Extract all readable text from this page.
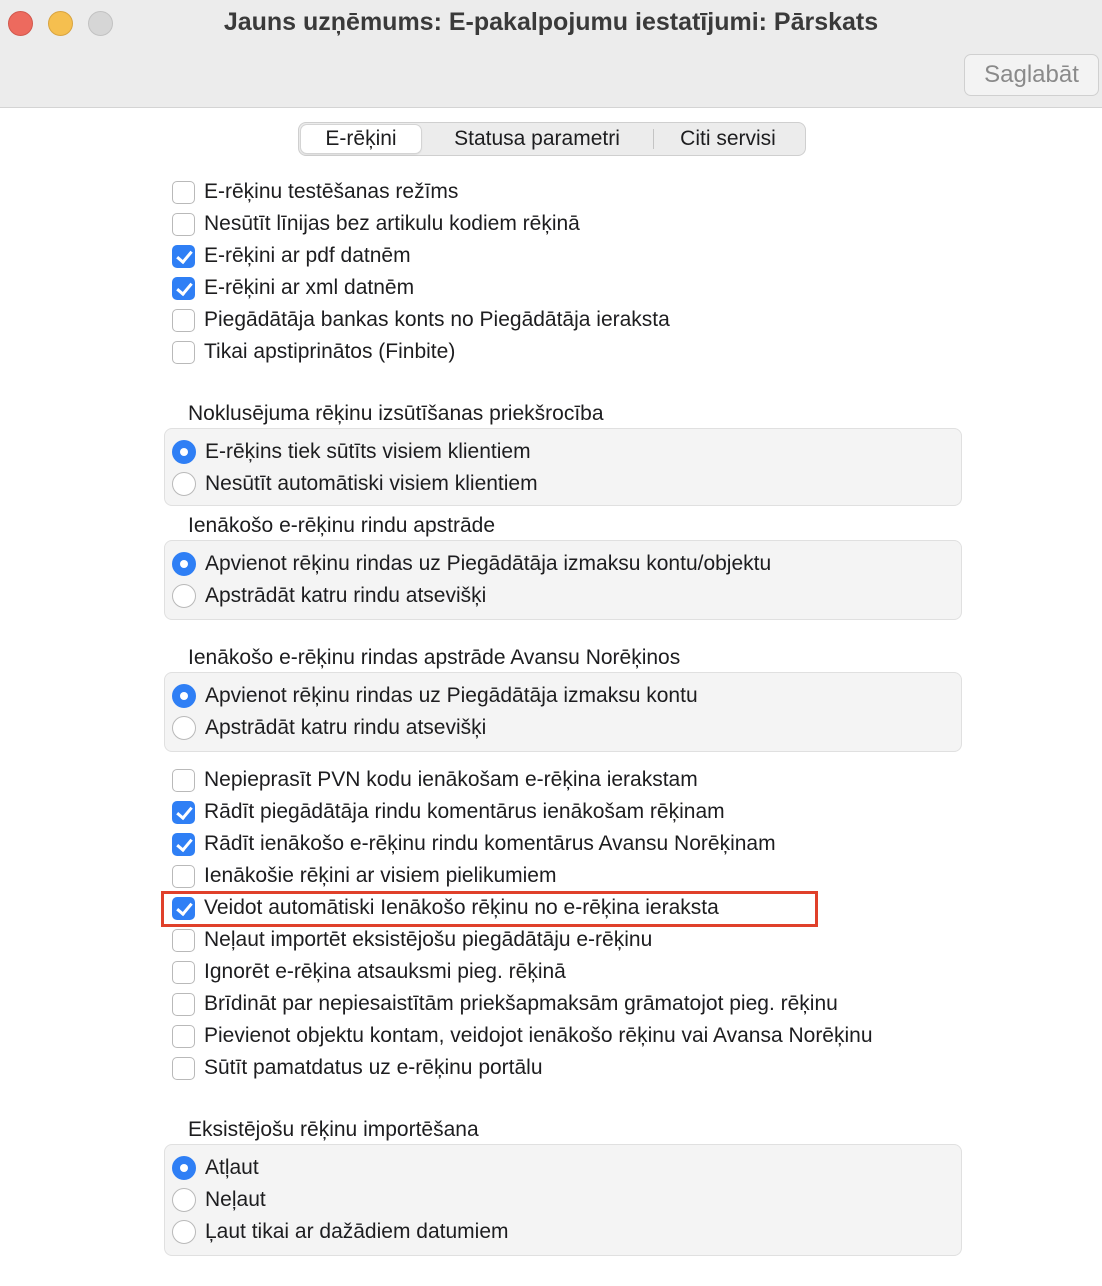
Jauns uzņēmums: E-pakalpojumu iestatījumi: Pārskats
Saglabāt
E-rēķini	Statusa parametri	Citi servisi
E-rēķinu testēšanas režīms
Nesūtīt līnijas bez artikulu kodiem rēķinā
E-rēķini ar pdf datnēm
E-rēķini ar xml datnēm
Piegādātāja bankas konts no Piegādātāja ieraksta
Tikai apstiprinātos (Finbite)
Noklusējuma rēķinu izsūtīšanas priekšrocība
E-rēķins tiek sūtīts visiem klientiem
Nesūtīt automātiski visiem klientiem
Ienākošo e-rēķinu rindu apstrāde
Apvienot rēķinu rindas uz Piegādātāja izmaksu kontu/objektu
Apstrādāt katru rindu atsevišķi
Ienākošo e-rēķinu rindas apstrāde Avansu Norēķinos
Apvienot rēķinu rindas uz Piegādātāja izmaksu kontu
Apstrādāt katru rindu atsevišķi
Nepieprasīt PVN kodu ienākošam e-rēķina ierakstam
Rādīt piegādātāja rindu komentārus ienākošam rēķinam
Rādīt ienākošo e-rēķinu rindu komentārus Avansu Norēķinam
Ienākošie rēķini ar visiem pielikumiem
Veidot automātiski Ienākošo rēķinu no e-rēķina ieraksta
Neļaut importēt eksistējošu piegādātāju e-rēķinu
Ignorēt e-rēķina atsauksmi pieg. rēķinā
Brīdināt par nepiesaistītām priekšapmaksām grāmatojot pieg. rēķinu
Pievienot objektu kontam, veidojot ienākošo rēķinu vai Avansa Norēķinu
Sūtīt pamatdatus uz e-rēķinu portālu
Eksistējošu rēķinu importēšana
Atļaut
Neļaut
Ļaut tikai ar dažādiem datumiem
